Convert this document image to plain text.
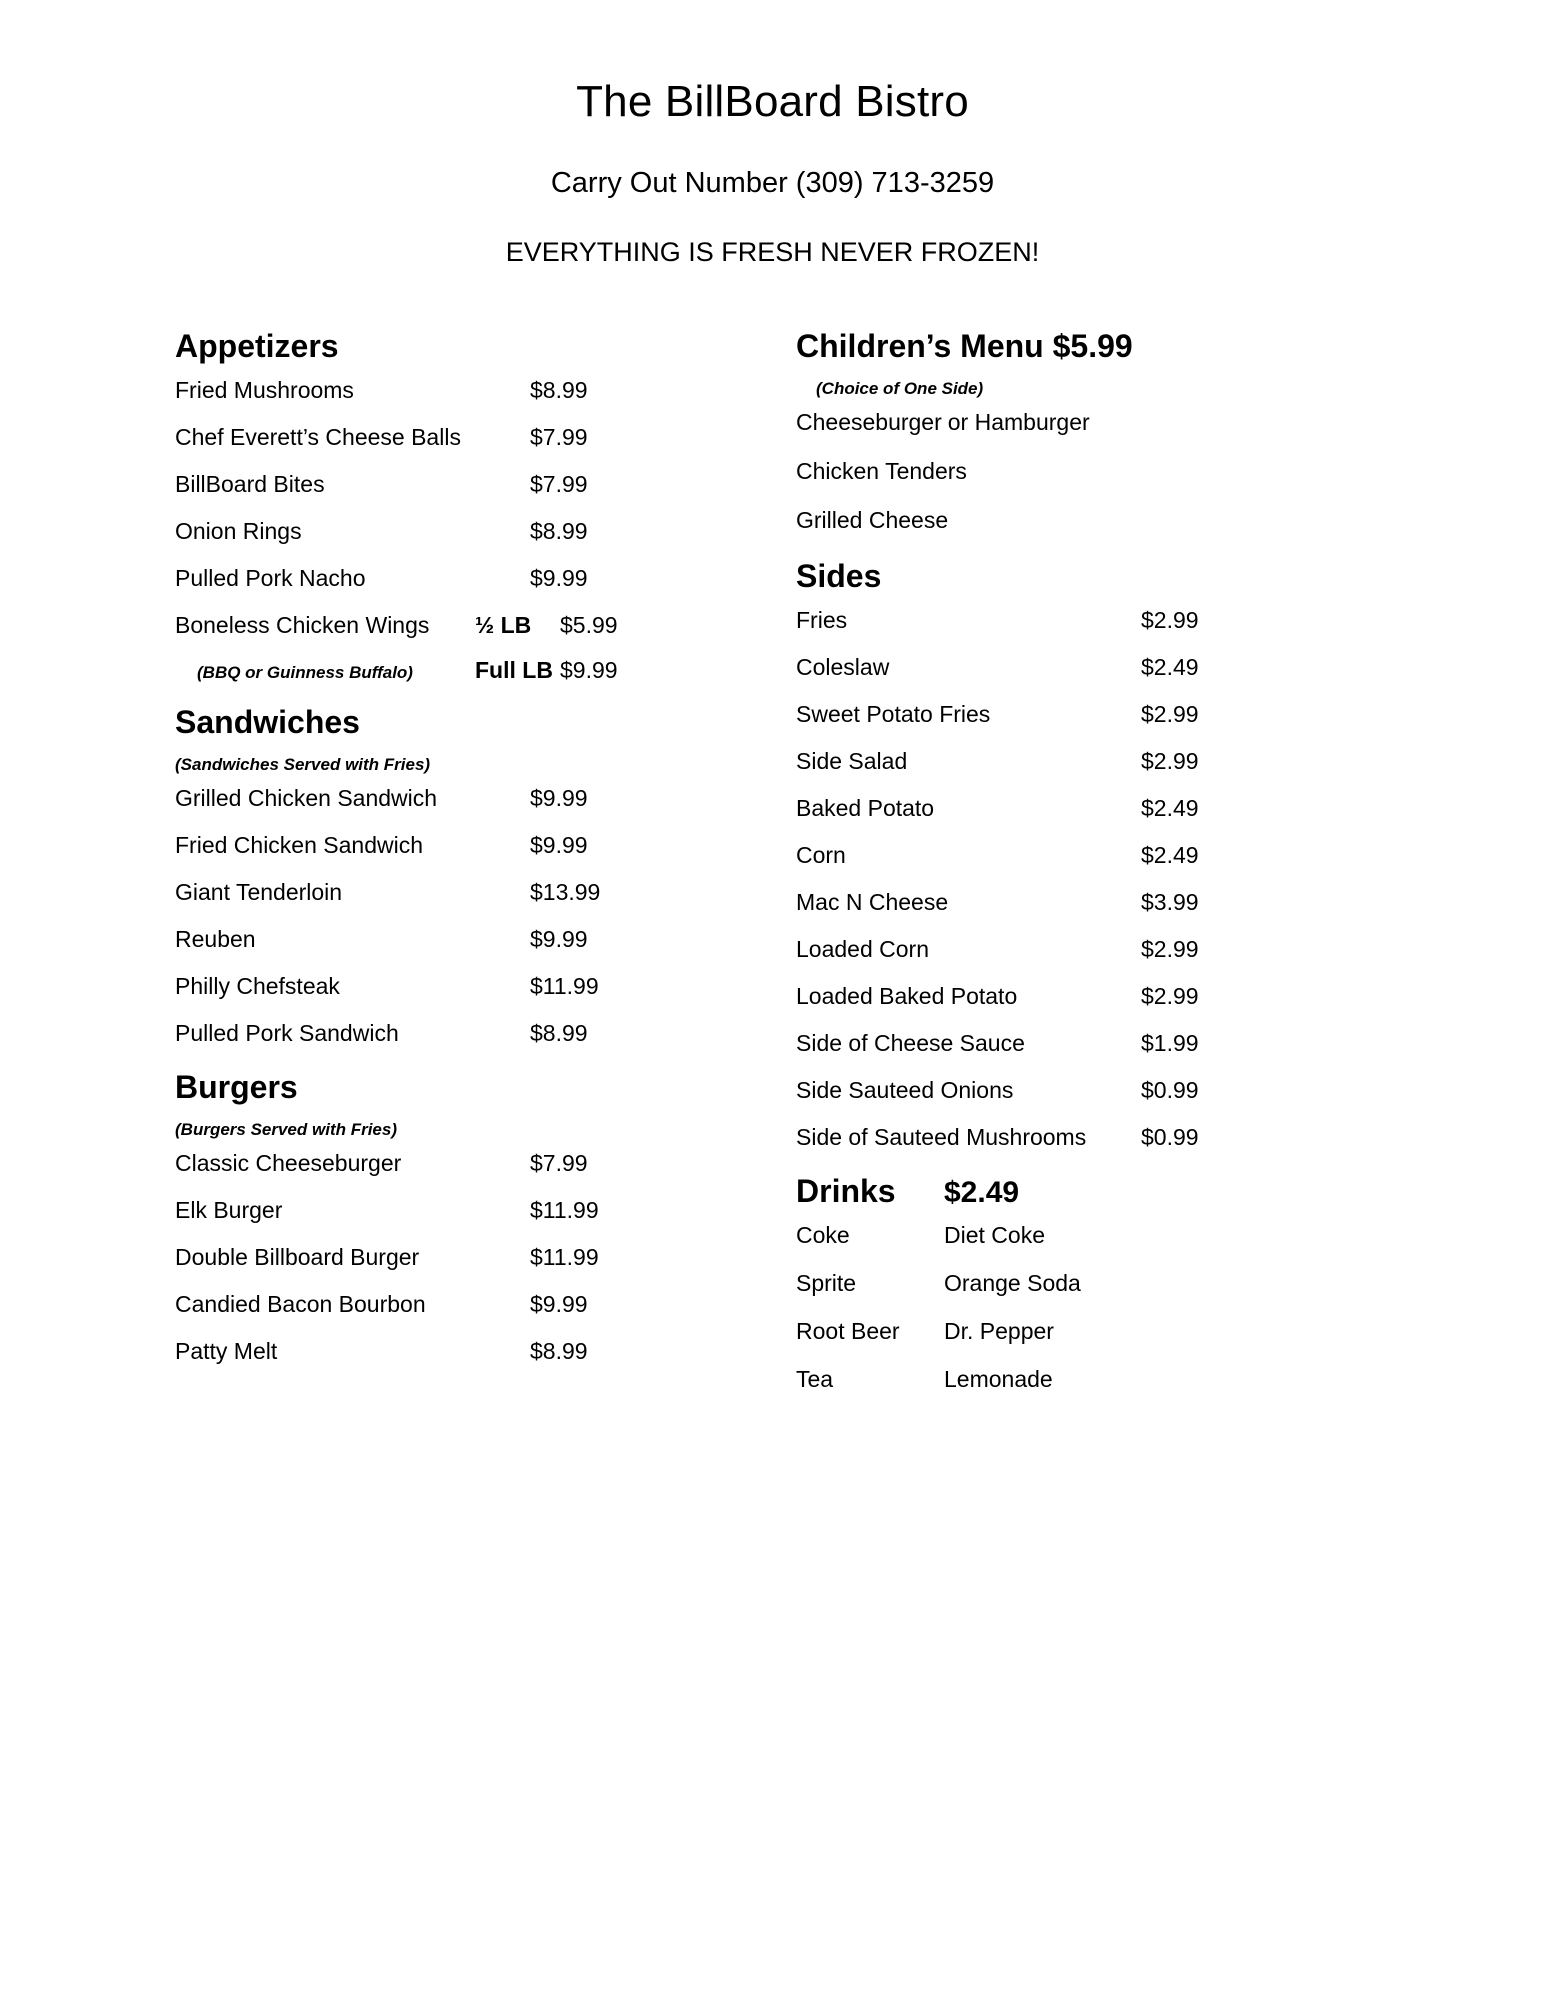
The BillBoard Bistro
Carry Out Number (309) 713-3259
EVERYTHING IS FRESH NEVER FROZEN!
Appetizers
Fried Mushrooms	$8.99
Chef Everett’s Cheese Balls	$7.99
BillBoard Bites	$7.99
Onion Rings	$8.99
Pulled Pork Nacho	$9.99
Boneless Chicken Wings	½ LB	$5.99
(BBQ or Guinness Buffalo)	Full LB $9.99
Sandwiches
(Sandwiches Served with Fries)
Grilled Chicken Sandwich	$9.99
Fried Chicken Sandwich	$9.99
Giant Tenderloin	$13.99
Reuben	$9.99
Philly Chefsteak	$11.99
Pulled Pork Sandwich	$8.99
Burgers
(Burgers Served with Fries)
Classic Cheeseburger	$7.99
Elk Burger	$11.99
Double Billboard Burger	$11.99
Candied Bacon Bourbon	$9.99
Patty Melt	$8.99
Children’s Menu $5.99
(Choice of One Side)
Cheeseburger or Hamburger
Chicken Tenders
Grilled Cheese
Sides
Fries	$2.99
Coleslaw	$2.49
Sweet Potato Fries	$2.99
Side Salad	$2.99
Baked Potato	$2.49
Corn	$2.49
Mac N Cheese	$3.99
Loaded Corn	$2.99
Loaded Baked Potato	$2.99
Side of Cheese Sauce	$1.99
Side Sauteed Onions	$0.99
Side of Sauteed Mushrooms	$0.99
Drinks	$2.49
Coke	Diet Coke
Sprite	Orange Soda
Root Beer	Dr. Pepper
Tea	Lemonade
